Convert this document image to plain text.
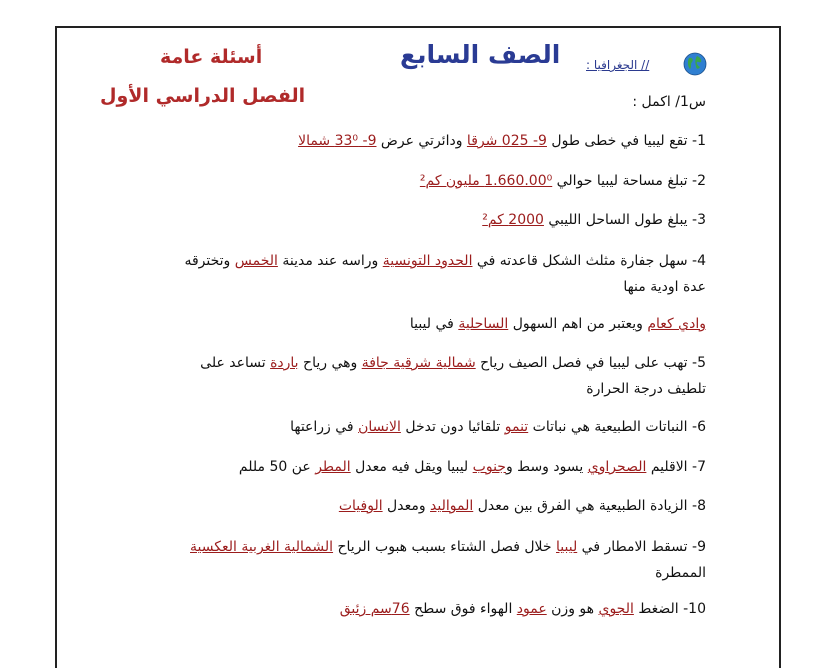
// الجغرافيا :
الصف السابع
أسئلة عامة
الفصل الدراسي الأول	س1/ اكمل :
1- تقع ليبيا في خطى طول 9- 025 شرقا ودائرتي عرض 9- 33⁰ شمالا
2- تبلغ مساحة ليبيا حوالي 1.660.00⁰ مليون كم²
3- يبلغ طول الساحل الليبي 2000 كم²
4- سهل جفارة مثلث الشكل قاعدته في الحدود التونسية وراسه عند مدينة الخمس وتخترقه عدة اودية منها
وادي كعام ويعتبر من اهم السهول الساحلية في ليبيا
5- تهب على ليبيا في فصل الصيف رياح شمالية شرقية جافة وهي رياح باردة تساعد على تلطيف درجة الحرارة
6- النباتات الطبيعية هي نباتات تنمو تلقائيا دون تدخل الانسان في زراعتها
7- الاقليم الصحراوي يسود وسط وجنوب ليبيا ويقل فيه معدل المطر عن 50 مللم
8- الزيادة الطبيعية هي الفرق بين معدل المواليد ومعدل الوفيات
9- تسقط الامطار في ليبيا خلال فصل الشتاء بسبب هبوب الرياح الشمالية الغربية العكسية الممطرة
10- الضغط الجوي هو وزن عمود الهواء فوق سطح 76سم زئبق
